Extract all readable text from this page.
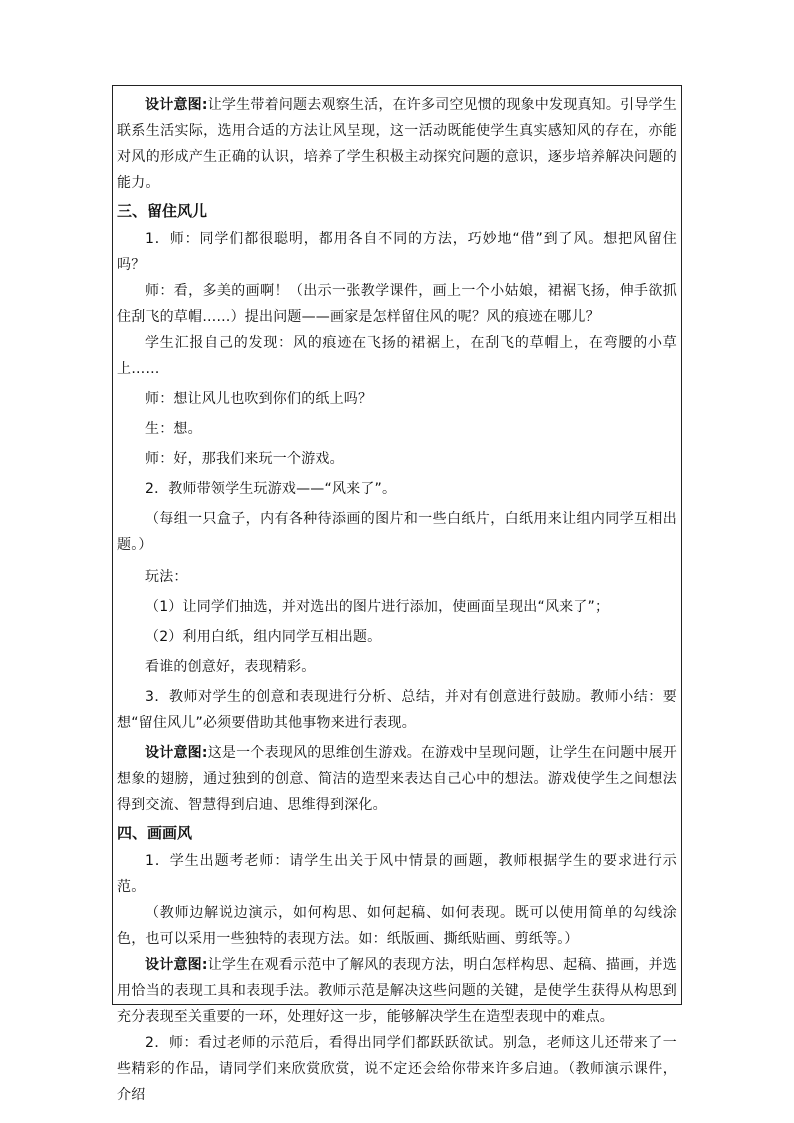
设计意图:让学生带着问题去观察生活，在许多司空见惯的现象中发现真知。引导学生联系生活实际，选用合适的方法让风呈现，这一活动既能使学生真实感知风的存在，亦能对风的形成产生正确的认识，培养了学生积极主动探究问题的意识，逐步培养解决问题的能力。

三、留住风儿

1．师：同学们都很聪明，都用各自不同的方法，巧妙地“借”到了风。想把风留住吗？

师：看，多美的画啊！（出示一张教学课件，画上一个小姑娘，裙裾飞扬，伸手欲抓住刮飞的草帽……）提出问题——画家是怎样留住风的呢？风的痕迹在哪儿？

学生汇报自己的发现：风的痕迹在飞扬的裙裾上，在刮飞的草帽上，在弯腰的小草上……

师：想让风儿也吹到你们的纸上吗？

生：想。

师：好，那我们来玩一个游戏。

2．教师带领学生玩游戏——“风来了”。

（每组一只盒子，内有各种待添画的图片和一些白纸片，白纸用来让组内同学互相出题。）

玩法：

（1）让同学们抽选，并对选出的图片进行添加，使画面呈现出“风来了”；

（2）利用白纸，组内同学互相出题。

看谁的创意好，表现精彩。

3．教师对学生的创意和表现进行分析、总结，并对有创意进行鼓励。教师小结：要想“留住风儿”必须要借助其他事物来进行表现。

设计意图:这是一个表现风的思维创生游戏。在游戏中呈现问题，让学生在问题中展开想象的翅膀，通过独到的创意、简洁的造型来表达自己心中的想法。游戏使学生之间想法得到交流、智慧得到启迪、思维得到深化。

四、画画风

1．学生出题考老师：请学生出关于风中情景的画题，教师根据学生的要求进行示范。

（教师边解说边演示，如何构思、如何起稿、如何表现。既可以使用简单的勾线涂色，也可以采用一些独特的表现方法。如：纸版画、撕纸贴画、剪纸等。）

设计意图:让学生在观看示范中了解风的表现方法，明白怎样构思、起稿、描画，并选用恰当的表现工具和表现手法。教师示范是解决这些问题的关键，是使学生获得从构思到充分表现至关重要的一环，处理好这一步，能够解决学生在造型表现中的难点。

2．师：看过老师的示范后，看得出同学们都跃跃欲试。别急，老师这儿还带来了一些精彩的作品，请同学们来欣赏欣赏，说不定还会给你带来许多启迪。（教师演示课件，介绍
